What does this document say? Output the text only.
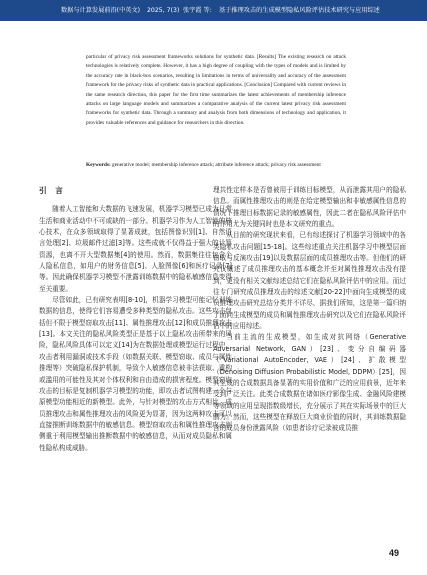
数据与计算发展前沿(中英文) 2025, 7(3) 张宇霞 等: 基于推理攻击的生成模型隐私风险评估技术研究与应用综述
particular of privacy risk assessment frameworks solutions for synthetic data. [Results] The existing research on attack technologies is relatively complete. However, it has a high degree of coupling with the types of models and is limited by the accuracy rate in black-box scenarios, resulting in limitations in terms of universality and accuracy of the assessment framework for the privacy risks of synthetic data in practical applications. [Conclusion] Compared with current reviews in the same research direction, this paper for the first time summarizes the latest achievements of membership inference attacks on large language models and summarizes a comparative analysis of the current latest privacy risk assessment frameworks for synthetic data. Through a summary and analysis from both dimensions of technology and application, it provides valuable references and guidance for researchers in this direction.
Keywords: generative model; membership inference attack; attribute inference attack; privacy risk assessment
引 言

随着人工智能和大数据的飞速发展，机器学习模型已成为日常生活和商业活动中不可或缺的一部分。机器学习作为人工智能的核心技术，在众多领域取得了显著成就，包括图像识别[1]、自然语言处理[2]、垃圾邮件过滤[3]等。这些成就不仅得益于强大的计算资源，也离不开大型数据集[4]的使用。然而，数据集往往包含个人隐私信息，如用户的财务信息[5]、人脸图像[6]和医疗记录[7]等。因此确保机器学习模型不泄露训练数据中的隐私敏感信息变得至关重要。

尽管如此，已有研究表明[8-10]，机器学习模型可能记忆训练数据的信息，使得它们容易遭受多种类型的隐私攻击。这些攻击包括但不限于模型窃取攻击[11]、属性推理攻击[12]和成员推理攻击[13]。本文关注的隐私风险类型正是基于以上隐私攻击所带来的风险，隐私风险具体可以定义[14]为在数据处理或模型运行过程中，攻击者利用漏洞或技术手段（如数据关联、模型窃取、成员与属性推理等）突破隐私保护机制，导致个人敏感信息被非法获取、重构或滥用的可能性及其对个体权利和自由造成的损害程度。模型窃取攻击的目标是复制机器学习模型的功能，即攻击者试图构建一个与原模型功能相近的新模型。此外，与针对模型的攻击方式相比，成员推理攻击和属性推理攻击的风险更为显著，因为这两种攻击可以直接推断训练数据中的敏感信息。模型窃取攻击和属性推理攻击则侧重于利用模型输出推断数据中的敏感信息，从而对成员隐私和属性隐私构成威胁。

理共性定样本是否曾被用于训练目标模型，从而泄露其用户的隐私信息。而属性推理攻击的则是在给定模型输出和非敏感属性信息的情况下推理目标数据记录的敏感属性，因此二者在隐私风险评估中的作用尤为关键同时也是本文研究的重点。

从目前的研究现状来看，已有综述探讨了机器学习领域中的各类隐私攻击问题[15-18]。这些综述重点关注机器学习中模型层面窃取与反演攻击[19]以及数据层面的成员推理攻击等。但他们的研究仅概述了成员推理攻击的基本概念并至对属性推理攻击没有提到，更没有相关文献综述总结它们在隐私风险评估中的应用。而过往专门研究成员推理攻击的综述文献[20-22]中面向生成模型的成员推理攻击研究总结分类并不详尽，据我们所知，这是第一篇归纳了面向生成模型的成员和属性推理攻击研究以及它们在隐私风险评估中的应用综述。

当前主流的生成模型，如生成对抗网络（Generative Adversarial Network, GAN）[23]、变分自编码器（Variational AutoEncoder, VAE）[24]、扩散模型（Denoising Diffusion Probabilistic Model, DDPM）[25]，因其生成的合成数据具备显著的实用价值和广泛的应用前景，近年来受到广泛关注。此类合成数据在诸如医疗影像生成、金融风险建模等领域的应用呈现指数级增长，充分展示了其在实际场景中的巨大潜力。然而，这些模型在释放巨大商业价值的同时，其训练数据隐含的成员身份泄露风险（如患者诊疗记录被成员推

49
